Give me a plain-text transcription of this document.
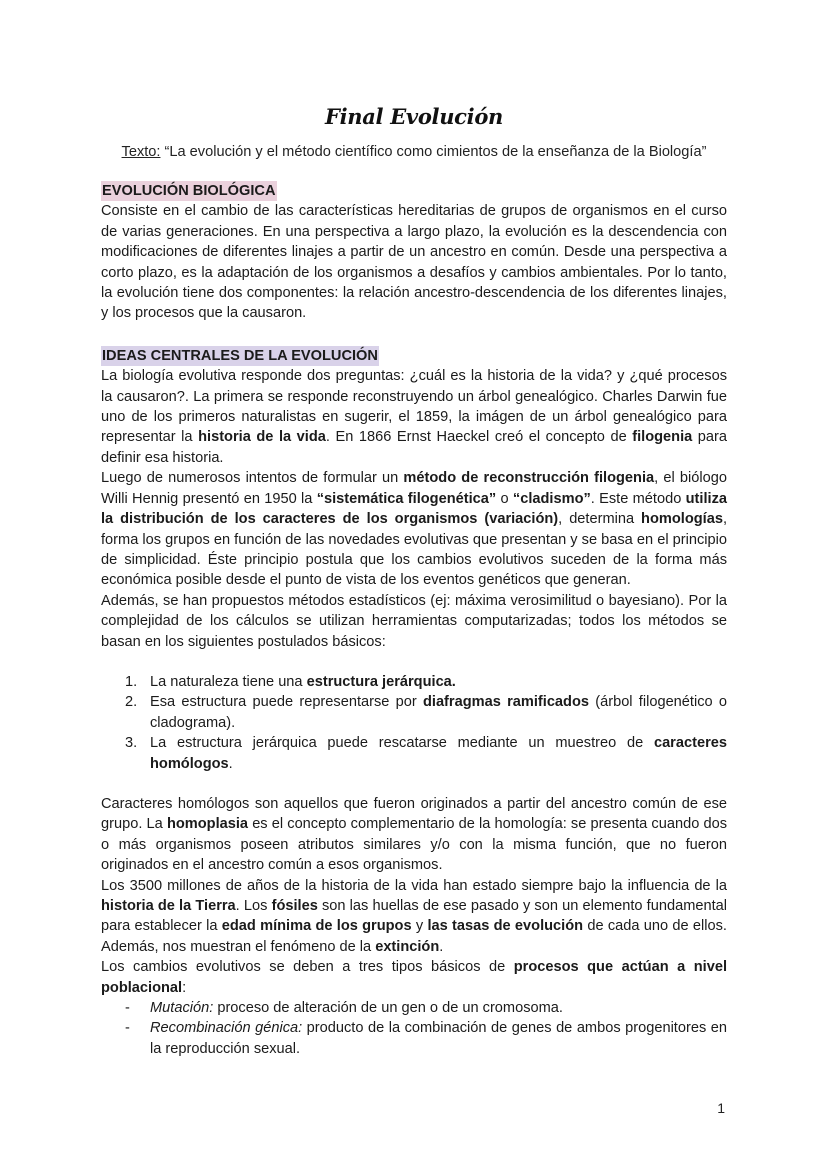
Final Evolución
Texto: “La evolución y el método científico como cimientos de la enseñanza de la Biología”
EVOLUCIÓN BIOLÓGICA

Consiste en el cambio de las características hereditarias de grupos de organismos en el curso de varias generaciones. En una perspectiva a largo plazo, la evolución es la descendencia con modificaciones de diferentes linajes a partir de un ancestro en común. Desde una perspectiva a corto plazo, es la adaptación de los organismos a desafíos y cambios ambientales. Por lo tanto, la evolución tiene dos componentes: la relación ancestro-descendencia de los diferentes linajes, y los procesos que la causaron.

IDEAS CENTRALES DE LA EVOLUCIÓN

La biología evolutiva responde dos preguntas: ¿cuál es la historia de la vida? y ¿qué procesos la causaron?. La primera se responde reconstruyendo un árbol genealógico. Charles Darwin fue uno de los primeros naturalistas en sugerir, el 1859, la imágen de un árbol genealógico para representar la historia de la vida. En 1866 Ernst Haeckel creó el concepto de filogenia para definir esa historia.

Luego de numerosos intentos de formular un método de reconstrucción filogenia, el biólogo Willi Hennig presentó en 1950 la “sistemática filogenética” o “cladismo”. Este método utiliza la distribución de los caracteres de los organismos (variación), determina homologías, forma los grupos en función de las novedades evolutivas que presentan y se basa en el principio de simplicidad. Éste principio postula que los cambios evolutivos suceden de la forma más económica posible desde el punto de vista de los eventos genéticos que generan.

Además, se han propuestos métodos estadísticos (ej: máxima verosimilitud o bayesiano). Por la complejidad de los cálculos se utilizan herramientas computarizadas; todos los métodos se basan en los siguientes postulados básicos:

1. La naturaleza tiene una estructura jerárquica.
2. Esa estructura puede representarse por diafragmas ramificados (árbol filogenético o cladograma).
3. La estructura jerárquica puede rescatarse mediante un muestreo de caracteres homólogos.

Caracteres homólogos son aquellos que fueron originados a partir del ancestro común de ese grupo. La homoplasia es el concepto complementario de la homología: se presenta cuando dos o más organismos poseen atributos similares y/o con la misma función, que no fueron originados en el ancestro común a esos organismos.

Los 3500 millones de años de la historia de la vida han estado siempre bajo la influencia de la historia de la Tierra. Los fósiles son las huellas de ese pasado y son un elemento fundamental para establecer la edad mínima de los grupos y las tasas de evolución de cada uno de ellos. Además, nos muestran el fenómeno de la extinción.

Los cambios evolutivos se deben a tres tipos básicos de procesos que actúan a nivel poblacional:

- Mutación: proceso de alteración de un gen o de un cromosoma.
- Recombinación génica: producto de la combinación de genes de ambos progenitores en la reproducción sexual.
1
